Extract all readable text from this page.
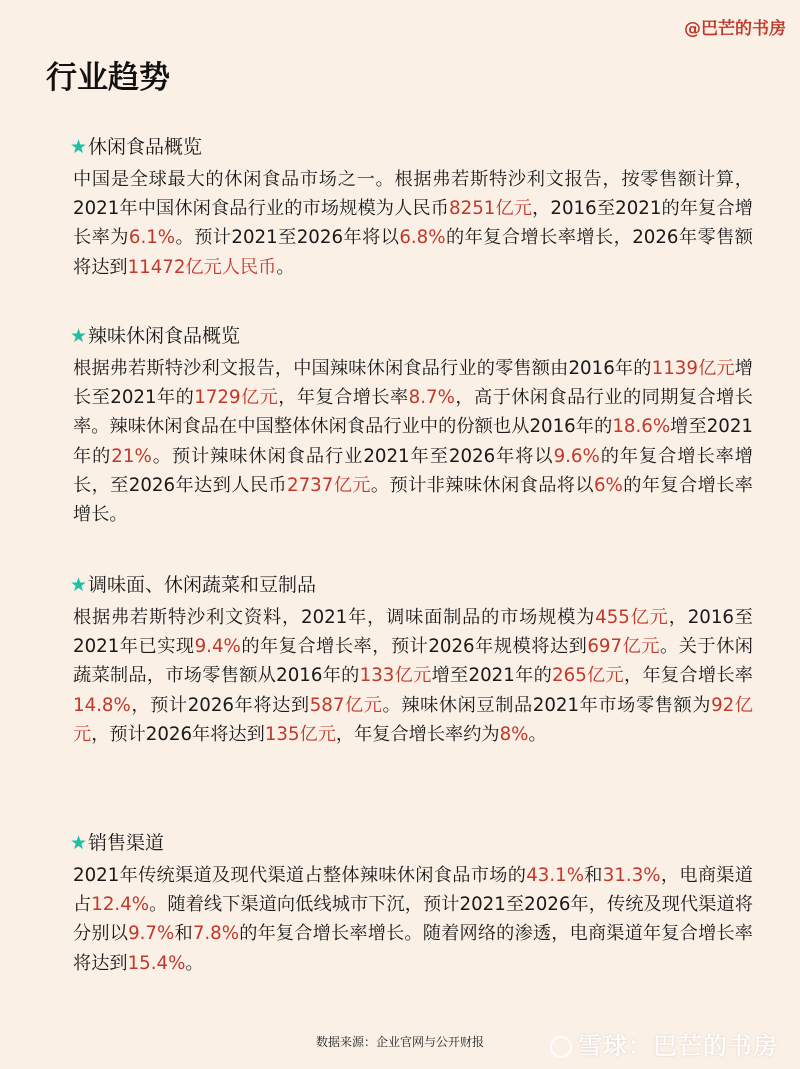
@巴芒的书房
行业趋势
★休闲食品概览

中国是全球最大的休闲食品市场之一。根据弗若斯特沙利文报告，按零售额计算，2021年中国休闲食品行业的市场规模为人民币8251亿元，2016至2021的年复合增长率为6.1%。预计2021至2026年将以6.8%的年复合增长率增长，2026年零售额将达到11472亿元人民币。

★辣味休闲食品概览

根据弗若斯特沙利文报告，中国辣味休闲食品行业的零售额由2016年的1139亿元增长至2021年的1729亿元，年复合增长率8.7%，高于休闲食品行业的同期复合增长率。辣味休闲食品在中国整体休闲食品行业中的份额也从2016年的18.6%增至2021年的21%。预计辣味休闲食品行业2021年至2026年将以9.6%的年复合增长率增长，至2026年达到人民币2737亿元。预计非辣味休闲食品将以6%的年复合增长率增长。

★调味面、休闲蔬菜和豆制品

根据弗若斯特沙利文资料，2021年，调味面制品的市场规模为455亿元，2016至2021年已实现9.4%的年复合增长率，预计2026年规模将达到697亿元。关于休闲蔬菜制品，市场零售额从2016年的133亿元增至2021年的265亿元，年复合增长率14.8%，预计2026年将达到587亿元。辣味休闲豆制品2021年市场零售额为92亿元，预计2026年将达到135亿元，年复合增长率约为8%。

★销售渠道

2021年传统渠道及现代渠道占整体辣味休闲食品市场的43.1%和31.3%，电商渠道占12.4%。随着线下渠道向低线城市下沉，预计2021至2026年，传统及现代渠道将分别以9.7%和7.8%的年复合增长率增长。随着网络的渗透，电商渠道年复合增长率将达到15.4%。

数据来源：企业官网与公开财报	雪球：巴芒的书房
